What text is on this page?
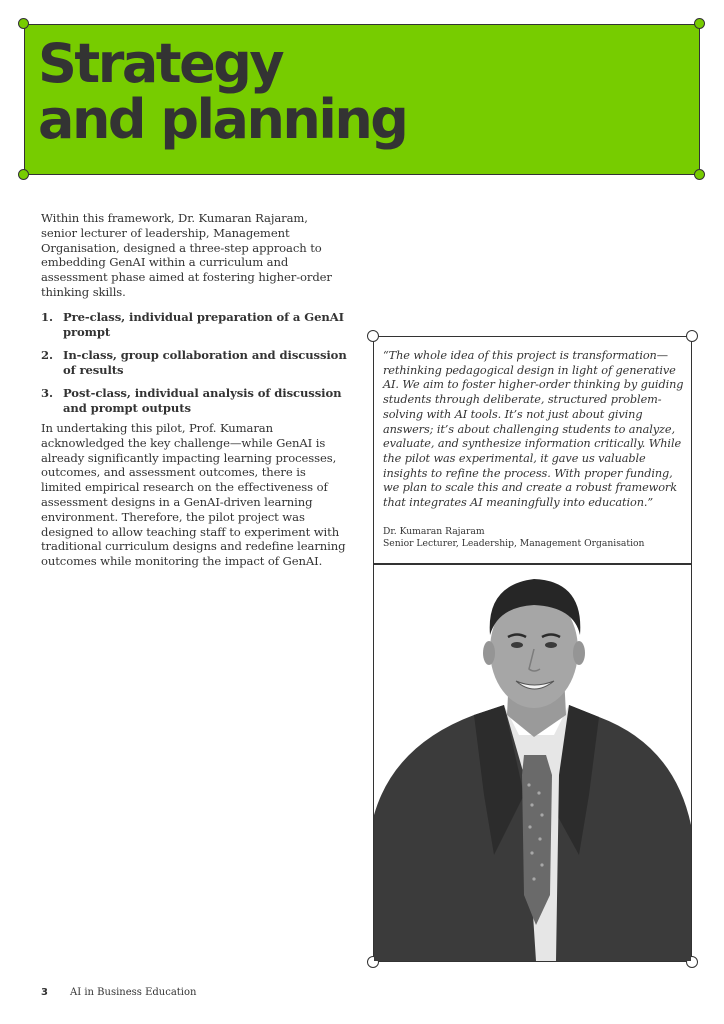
Strategy
and planning

Within this framework, Dr. Kumaran Rajaram, senior lecturer of leadership, Management Organisation, designed a three-step approach to embedding GenAI within a curriculum and assessment phase aimed at fostering higher-order thinking skills.

1. Pre-class, individual preparation of a GenAI prompt
2. In-class, group collaboration and discussion of results
3. Post-class, individual analysis of discussion and prompt outputs

In undertaking this pilot, Prof. Kumaran acknowledged the key challenge—while GenAI is already significantly impacting learning processes, outcomes, and assessment outcomes, there is limited empirical research on the effectiveness of assessment designs in a GenAI-driven learning environment. Therefore, the pilot project was designed to allow teaching staff to experiment with traditional curriculum designs and redefine learning outcomes while monitoring the impact of GenAI.

“The whole idea of this project is transformation—rethinking pedagogical design in light of generative AI. We aim to foster higher-order thinking by guiding students through deliberate, structured problem-solving with AI tools. It’s not just about giving answers; it’s about challenging students to analyze, evaluate, and synthesize information critically. While the pilot was experimental, it gave us valuable insights to refine the process. With proper funding, we plan to scale this and create a robust framework that integrates AI meaningfully into education.”

Dr. Kumaran Rajaram
Senior Lecturer, Leadership, Management Organisation
3 AI in Business Education
